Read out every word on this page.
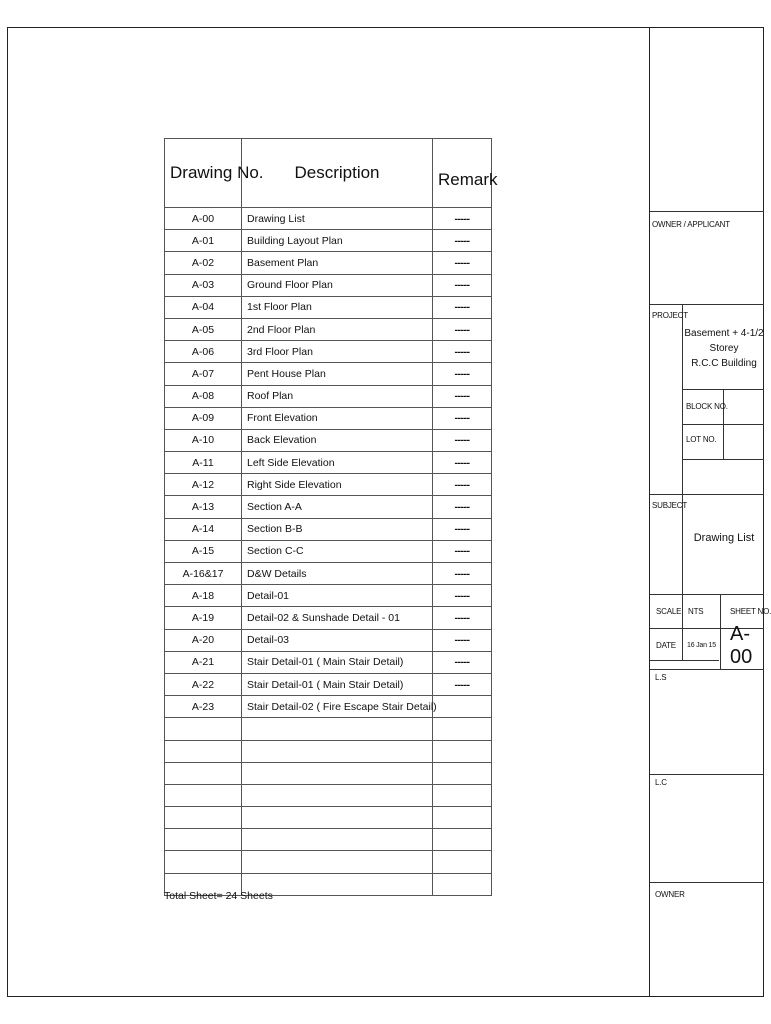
Drawing No.	Description	Remark
A-00	Drawing List	-----
A-01	Building Layout Plan	-----
A-02	Basement Plan	-----
A-03	Ground Floor Plan	-----
A-04	1st Floor Plan	-----
A-05	2nd Floor Plan	-----
A-06	3rd Floor Plan	-----
A-07	Pent House Plan	-----
A-08	Roof Plan	-----
A-09	Front Elevation	-----
A-10	Back Elevation	-----
A-11	Left Side Elevation	-----
A-12	Right Side Elevation	-----
A-13	Section A-A	-----
A-14	Section B-B	-----
A-15	Section C-C	-----
A-16&17	D&W Details	-----
A-18	Detail-01	-----
A-19	Detail-02 & Sunshade Detail - 01	-----
A-20	Detail-03	-----
A-21	Stair Detail-01 ( Main Stair Detail)	-----
A-22	Stair Detail-01 ( Main Stair Detail)	-----
A-23	Stair Detail-02 ( Fire Escape Stair Detail)	

Total Sheet= 24 Sheets
OWNER / APPLICANT
PROJECT
Basement + 4-1/2 Storey
R.C.C Building
BLOCK NO.
LOT NO.
SUBJECT
Drawing List
SCALE NTS	SHEET NO.
A-00
DATE 16 Jan 15
L.S
L.C
OWNER
